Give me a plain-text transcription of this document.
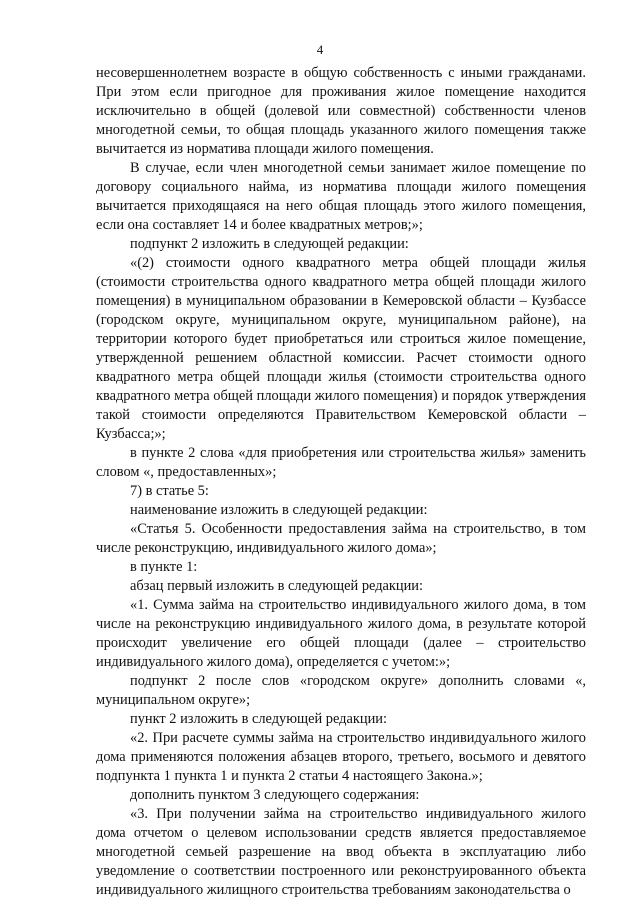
4

несовершеннолетнем возрасте в общую собственность с иными гражданами. При этом если пригодное для проживания жилое помещение находится исключительно в общей (долевой или совместной) собственности членов многодетной семьи, то общая площадь указанного жилого помещения также вычитается из норматива площади жилого помещения.

В случае, если член многодетной семьи занимает жилое помещение по договору социального найма, из норматива площади жилого помещения вычитается приходящаяся на него общая площадь этого жилого помещения, если она составляет 14 и более квадратных метров;»;

подпункт 2 изложить в следующей редакции:

«(2) стоимости одного квадратного метра общей площади жилья (стоимости строительства одного квадратного метра общей площади жилого помещения) в муниципальном образовании в Кемеровской области – Кузбассе (городском округе, муниципальном округе, муниципальном районе), на территории которого будет приобретаться или строиться жилое помещение, утвержденной решением областной комиссии. Расчет стоимости одного квадратного метра общей площади жилья (стоимости строительства одного квадратного метра общей площади жилого помещения) и порядок утверждения такой стоимости определяются Правительством Кемеровской области – Кузбасса;»;

в пункте 2 слова «для приобретения или строительства жилья» заменить словом «, предоставленных»;

7) в статье 5:

наименование изложить в следующей редакции:

«Статья 5. Особенности предоставления займа на строительство, в том числе реконструкцию, индивидуального жилого дома»;

в пункте 1:

абзац первый изложить в следующей редакции:

«1. Сумма займа на строительство индивидуального жилого дома, в том числе на реконструкцию индивидуального жилого дома, в результате которой происходит увеличение его общей площади (далее – строительство индивидуального жилого дома), определяется с учетом:»;

подпункт 2 после слов «городском округе» дополнить словами «, муниципальном округе»;

пункт 2 изложить в следующей редакции:

«2. При расчете суммы займа на строительство индивидуального жилого дома применяются положения абзацев второго, третьего, восьмого и девятого подпункта 1 пункта 1 и пункта 2 статьи 4 настоящего Закона.»;

дополнить пунктом 3 следующего содержания:

«3. При получении займа на строительство индивидуального жилого дома отчетом о целевом использовании средств является предоставляемое многодетной семьей разрешение на ввод объекта в эксплуатацию либо уведомление о соответствии построенного или реконструированного объекта индивидуального жилищного строительства требованиям законодательства о
